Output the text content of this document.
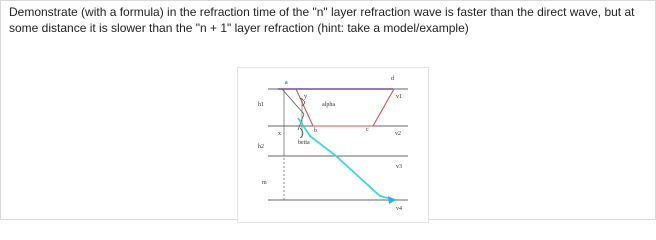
Demonstrate (with a formula) in the refraction time of the "n" layer refraction wave is faster than the direct wave, but at
some distance it is slower than the "n + 1" layer refraction (hint: take a model/example)
a
d
v1
h1
y
alpha
x	b	c
v2
betta
h2
v3
m
v4
